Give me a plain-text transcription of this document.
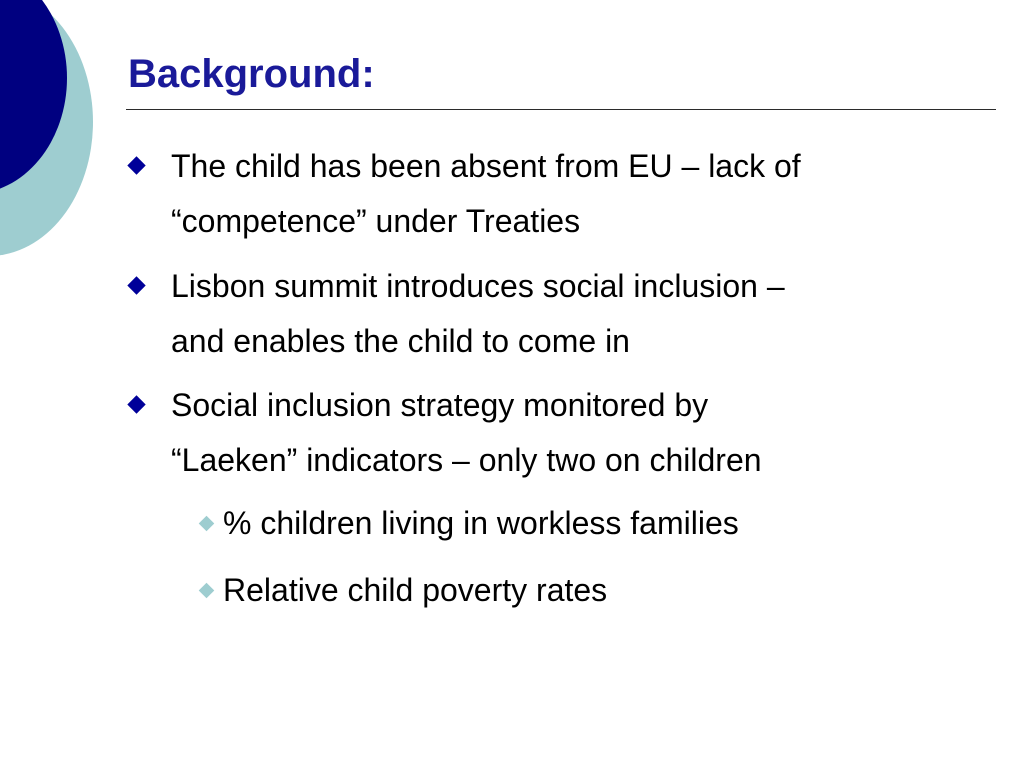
Background:
The child has been absent from EU – lack of
“competence” under Treaties
Lisbon summit introduces social inclusion –
and enables the child to come in
Social inclusion strategy monitored by
“Laeken” indicators – only two on children
% children living in workless families
Relative child poverty rates
